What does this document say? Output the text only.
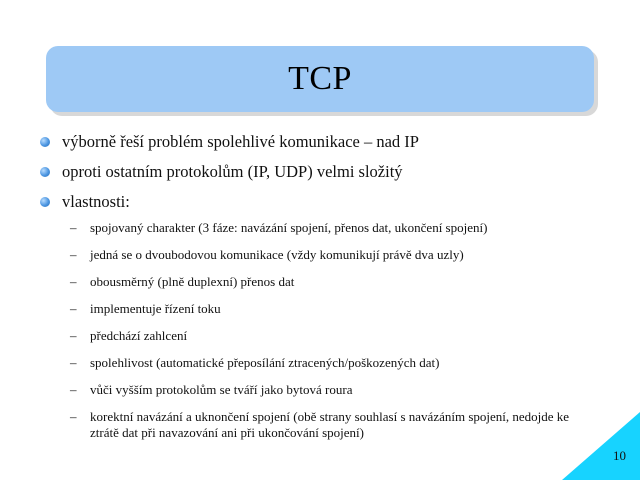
TCP
výborně řeší problém spolehlivé komunikace – nad IP
oproti ostatním protokolům (IP, UDP) velmi složitý
vlastnosti:
– spojovaný charakter (3 fáze: navázání spojení, přenos dat, ukončení spojení)
– jedná se o dvoubodovou komunikace (vždy komunikují právě dva uzly)
– obousměrný (plně duplexní) přenos dat
– implementuje řízení toku
– předchází zahlcení
– spolehlivost (automatické přeposílání ztracených/poškozených dat)
– vůči vyšším protokolům se tváří jako bytová roura
– korektní navázání a uknončení spojení (obě strany souhlasí s navázáním spojení, nedojde ke ztrátě dat při navazování ani při ukončování spojení)
10
